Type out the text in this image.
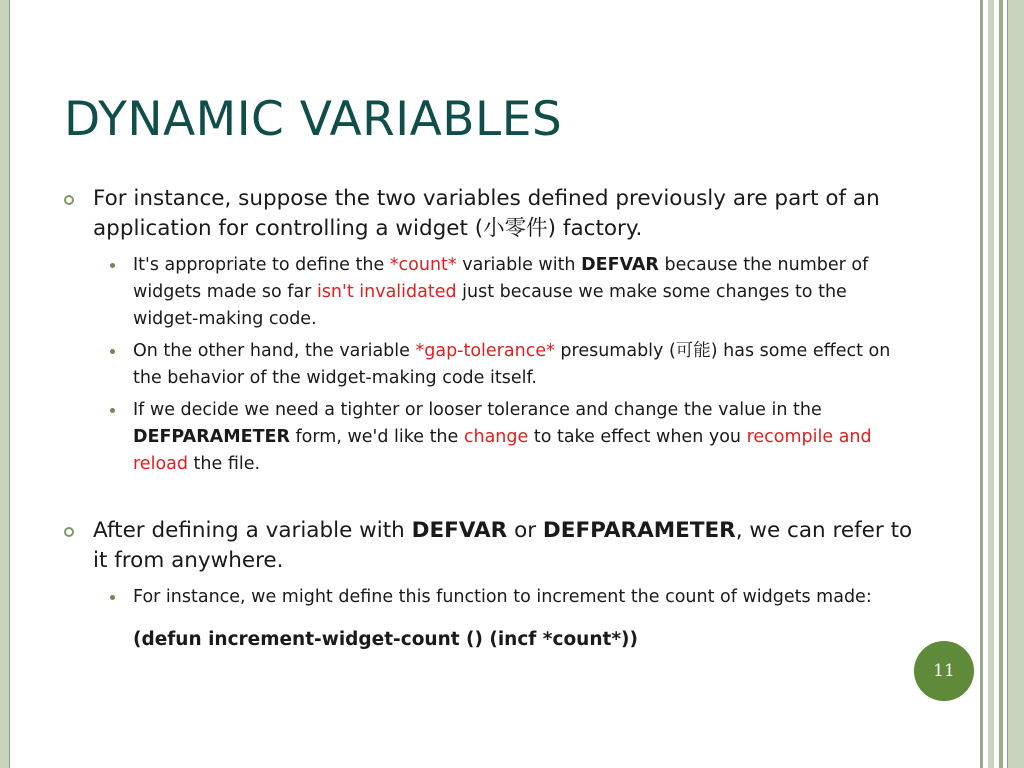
DYNAMIC VARIABLES
For instance, suppose the two variables defined previously are part of an application for controlling a widget (小零件) factory.
It's appropriate to define the *count* variable with DEFVAR because the number of widgets made so far isn't invalidated just because we make some changes to the widget-making code.
On the other hand, the variable *gap-tolerance* presumably (可能) has some effect on the behavior of the widget-making code itself.
If we decide we need a tighter or looser tolerance and change the value in the DEFPARAMETER form, we'd like the change to take effect when you recompile and reload the file.
After defining a variable with DEFVAR or DEFPARAMETER, we can refer to it from anywhere.
For instance, we might define this function to increment the count of widgets made:
(defun increment-widget-count () (incf *count*))
11
